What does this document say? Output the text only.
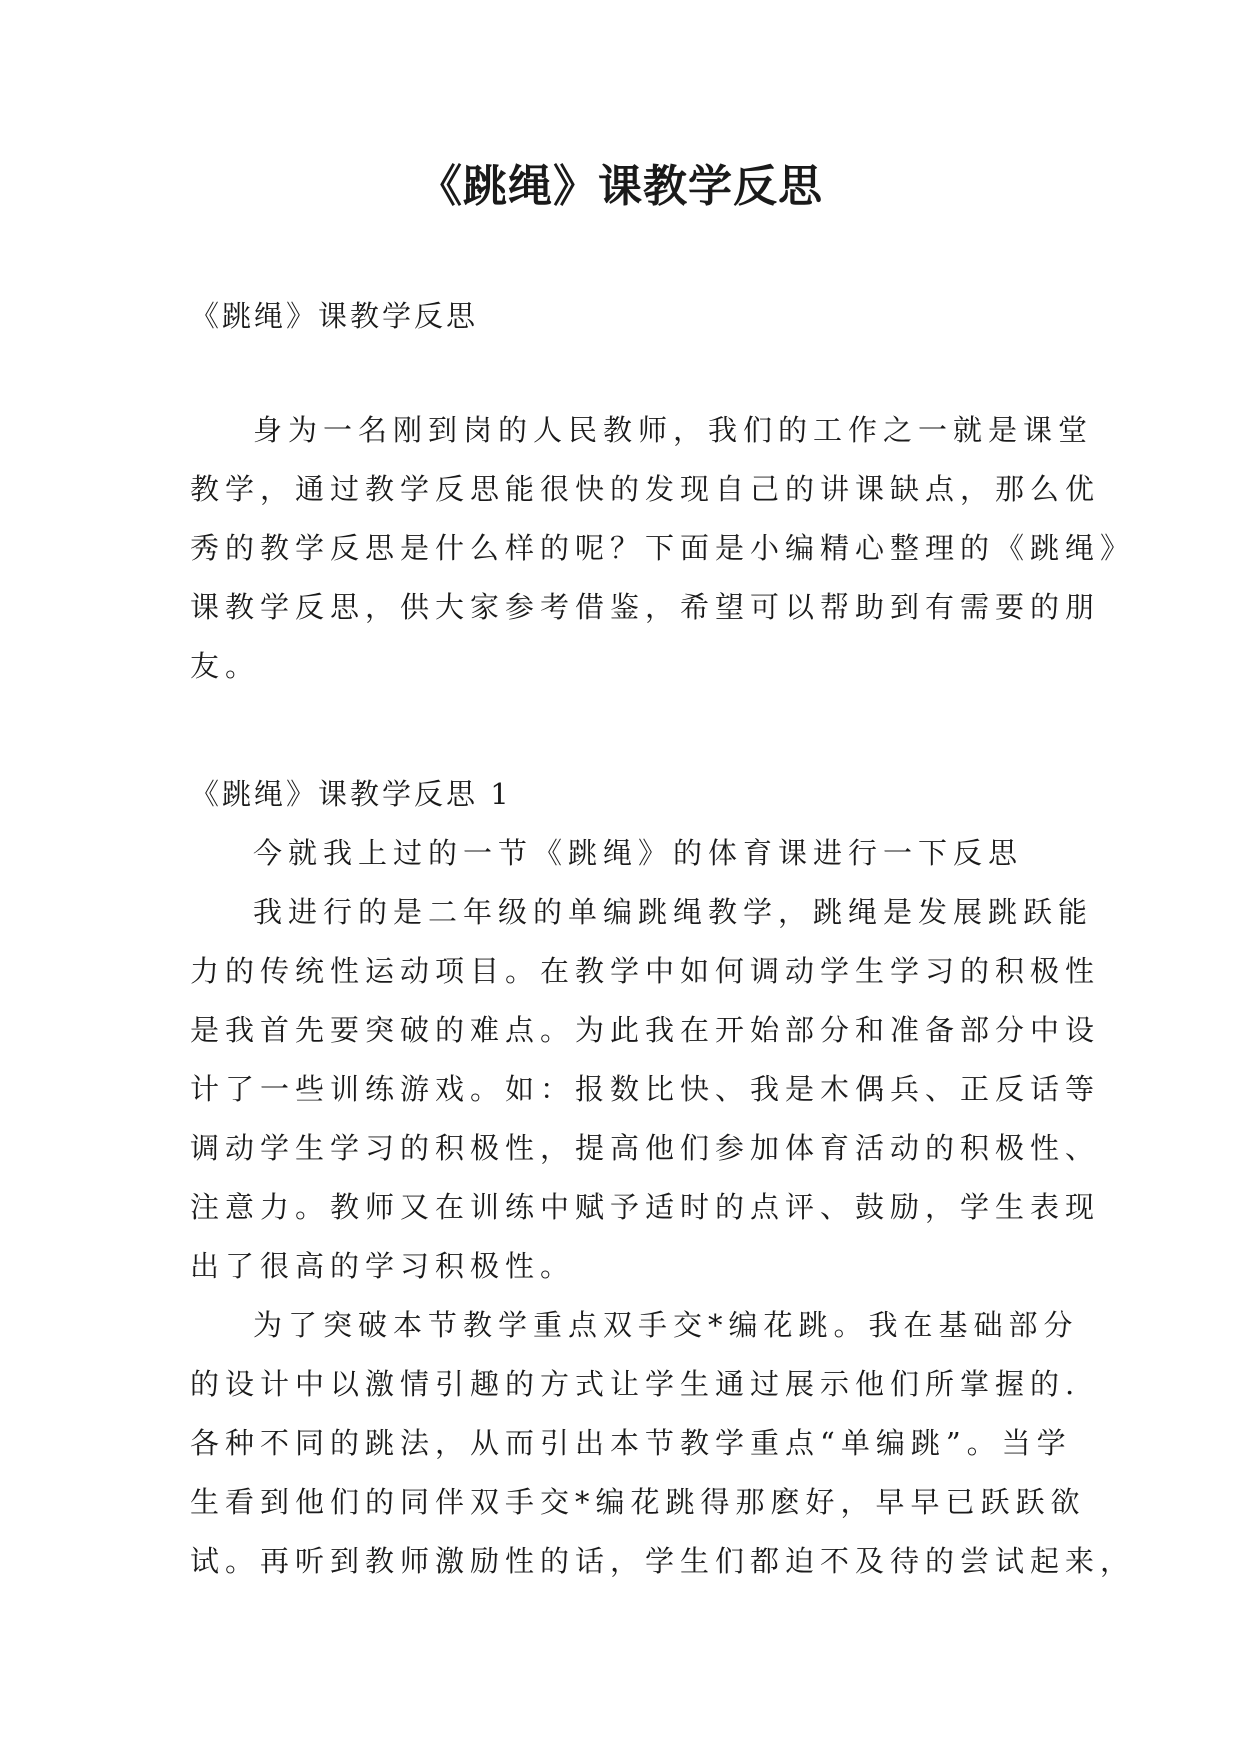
《跳绳》课教学反思

《跳绳》课教学反思

身为一名刚到岗的人民教师，我们的工作之一就是课堂

教学，通过教学反思能很快的发现自己的讲课缺点，那么优

秀的教学反思是什么样的呢？下面是小编精心整理的《跳绳》

课教学反思，供大家参考借鉴，希望可以帮助到有需要的朋

友。

《跳绳》课教学反思 1

今就我上过的一节《跳绳》的体育课进行一下反思

我进行的是二年级的单编跳绳教学，跳绳是发展跳跃能

力的传统性运动项目。在教学中如何调动学生学习的积极性

是我首先要突破的难点。为此我在开始部分和准备部分中设

计了一些训练游戏。如：报数比快、我是木偶兵、正反话等

调动学生学习的积极性，提高他们参加体育活动的积极性、

注意力。教师又在训练中赋予适时的点评、鼓励，学生表现

出了很高的学习积极性。

为了突破本节教学重点双手交*编花跳。我在基础部分

的设计中以激情引趣的方式让学生通过展示他们所掌握的.

各种不同的跳法，从而引出本节教学重点“单编跳”。当学

生看到他们的同伴双手交*编花跳得那麽好，早早已跃跃欲

试。再听到教师激励性的话，学生们都迫不及待的尝试起来，
